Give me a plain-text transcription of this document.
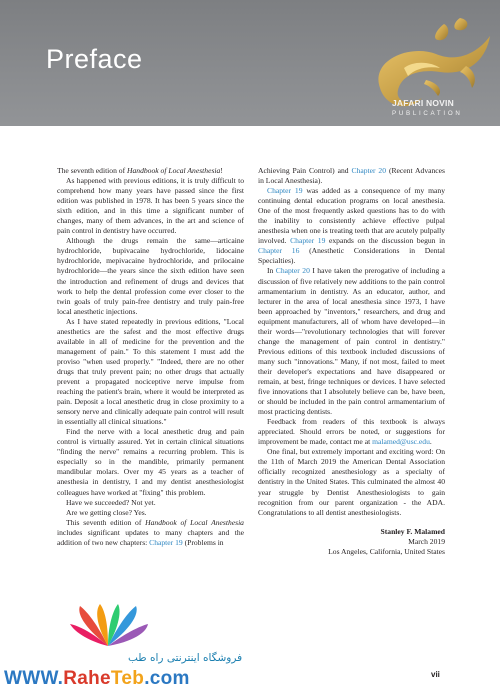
Preface
JAFARI NOVIN
PUBLICATION

The seventh edition of Handbook of Local Anesthesia!

As happened with previous editions, it is truly difficult to comprehend how many years have passed since the first edition was published in 1978. It has been 5 years since the sixth edition, and in this time a significant number of changes, many of them advances, in the art and science of pain control in dentistry have occurred.

Although the drugs remain the same—articaine hydrochloride, bupivacaine hydrochloride, lidocaine hydrochloride, mepivacaine hydrochloride, and prilocaine hydrochloride—the years since the sixth edition have seen the introduction and refinement of drugs and devices that work to help the dental profession come ever closer to the twin goals of truly pain-free dentistry and truly pain-free local anesthetic injections.

As I have stated repeatedly in previous editions, "Local anesthetics are the safest and the most effective drugs available in all of medicine for the prevention and the management of pain." To this statement I must add the proviso "when used properly." "Indeed, there are no other drugs that truly prevent pain; no other drugs that actually prevent a propagated nociceptive nerve impulse from reaching the patient's brain, where it would be interpreted as pain. Deposit a local anesthetic drug in close proximity to a sensory nerve and clinically adequate pain control will result in essentially all clinical situations."

Find the nerve with a local anesthetic drug and pain control is virtually assured. Yet in certain clinical situations "finding the nerve" remains a recurring problem. This is especially so in the mandible, primarily permanent mandibular molars. Over my 45 years as a teacher of anesthesia in dentistry, I and my dentist anesthesiologist colleagues have worked at "fixing" this problem.

Have we succeeded? Not yet.

Are we getting close? Yes.

This seventh edition of Handbook of Local Anesthesia includes significant updates to many chapters and the addition of two new chapters: Chapter 19 (Problems in

Achieving Pain Control) and Chapter 20 (Recent Advances in Local Anesthesia).

Chapter 19 was added as a consequence of my many continuing dental education programs on local anesthesia. One of the most frequently asked questions has to do with the inability to consistently achieve effective pulpal anesthesia when one is treating teeth that are acutely pulpally involved. Chapter 19 expands on the discussion begun in Chapter 16 (Anesthetic Considerations in Dental Specialties).

In Chapter 20 I have taken the prerogative of including a discussion of five relatively new additions to the pain control armamentarium in dentistry. As an educator, author, and lecturer in the area of local anesthesia since 1973, I have been approached by "inventors," researchers, and drug and equipment manufacturers, all of whom have developed—in their words—"revolutionary technologies that will forever change the management of pain control in dentistry." Previous editions of this textbook included discussions of many such "innovations." Many, if not most, failed to meet their developer's expectations and have disappeared or remain, at best, fringe techniques or devices. I have selected five innovations that I absolutely believe can be, have been, or should be included in the pain control armamentarium of most practicing dentists.

Feedback from readers of this textbook is always appreciated. Should errors be noted, or suggestions for improvement be made, contact me at malamed@usc.edu.

One final, but extremely important and exciting word: On the 11th of March 2019 the American Dental Association officially recognized anesthesiology as a specialty of dentistry in the United States. This culminated the almost 40 year struggle by Dentist Anesthesiologists to gain recognition from our parent organization - the ADA. Congratulations to all dentist anesthesiologists.

Stanley F. Malamed
March 2019
Los Angeles, California, United States
فروشگاه اینترنتی راه طب
WWW.RaheTeb.com	vii
